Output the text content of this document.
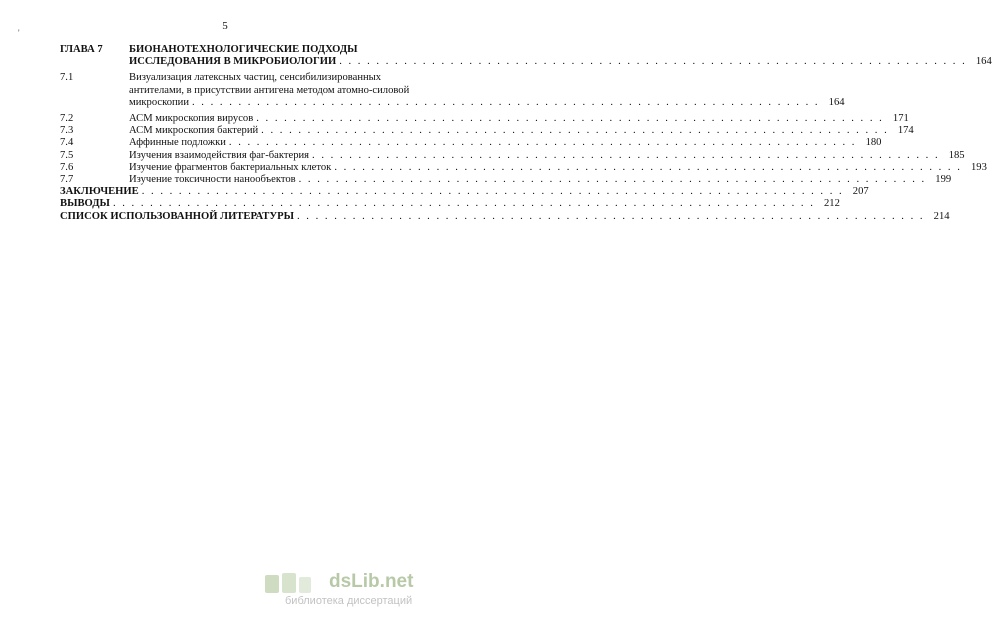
5
'
ГЛАВА 7	БИОНАНОТЕХНОЛОГИЧЕСКИЕ ПОДХОДЫ
ИССЛЕДОВАНИЯ В МИКРОБИОЛОГИИ . . . . . . . . . . . . . . . . . . . . . . . . . . . . . . . . . . . . . . . . . . . . . . . . . . . . . . . . . . . . . . . . . . . . 164
7.1	Визуализация латексных частиц, сенсибилизированных
антителами, в присутствии антигена методом атомно-силовой
микроскопии . . . . . . . . . . . . . . . . . . . . . . . . . . . . . . . . . . . . . . . . . . . . . . . . . . . . . . . . . . . . . . . . . . . . 164
7.2	АСМ микроскопия вирусов . . . . . . . . . . . . . . . . . . . . . . . . . . . . . . . . . . . . . . . . . . . . . . . . . . . . . . . . . . . . . . . . . . . . 171
7.3	АСМ микроскопия бактерий . . . . . . . . . . . . . . . . . . . . . . . . . . . . . . . . . . . . . . . . . . . . . . . . . . . . . . . . . . . . . . . . . . . . 174
7.4	Аффинные подложки . . . . . . . . . . . . . . . . . . . . . . . . . . . . . . . . . . . . . . . . . . . . . . . . . . . . . . . . . . . . . . . . . . . . 180
7.5	Изучения взаимодействия фаг-бактерия . . . . . . . . . . . . . . . . . . . . . . . . . . . . . . . . . . . . . . . . . . . . . . . . . . . . . . . . . . . . . . . . . . . . 185
7.6	Изучение фрагментов бактериальных клеток . . . . . . . . . . . . . . . . . . . . . . . . . . . . . . . . . . . . . . . . . . . . . . . . . . . . . . . . . . . . . . . . . . . . 193
7.7	Изучение токсичности нанообъектов . . . . . . . . . . . . . . . . . . . . . . . . . . . . . . . . . . . . . . . . . . . . . . . . . . . . . . . . . . . . . . . . . . . . 199
ЗАКЛЮЧЕНИЕ . . . . . . . . . . . . . . . . . . . . . . . . . . . . . . . . . . . . . . . . . . . . . . . . . . . . . . . . . . . . . . . . . . . . . . . . . . . . 207
ВЫВОДЫ . . . . . . . . . . . . . . . . . . . . . . . . . . . . . . . . . . . . . . . . . . . . . . . . . . . . . . . . . . . . . . . . . . . . . . . . . . . . 212
СПИСОК ИСПОЛЬЗОВАННОЙ ЛИТЕРАТУРЫ . . . . . . . . . . . . . . . . . . . . . . . . . . . . . . . . . . . . . . . . . . . . . . . . . . . . . . . . . . . . . . . . . . . . 214
dsLib.net
библиотека диссертаций
